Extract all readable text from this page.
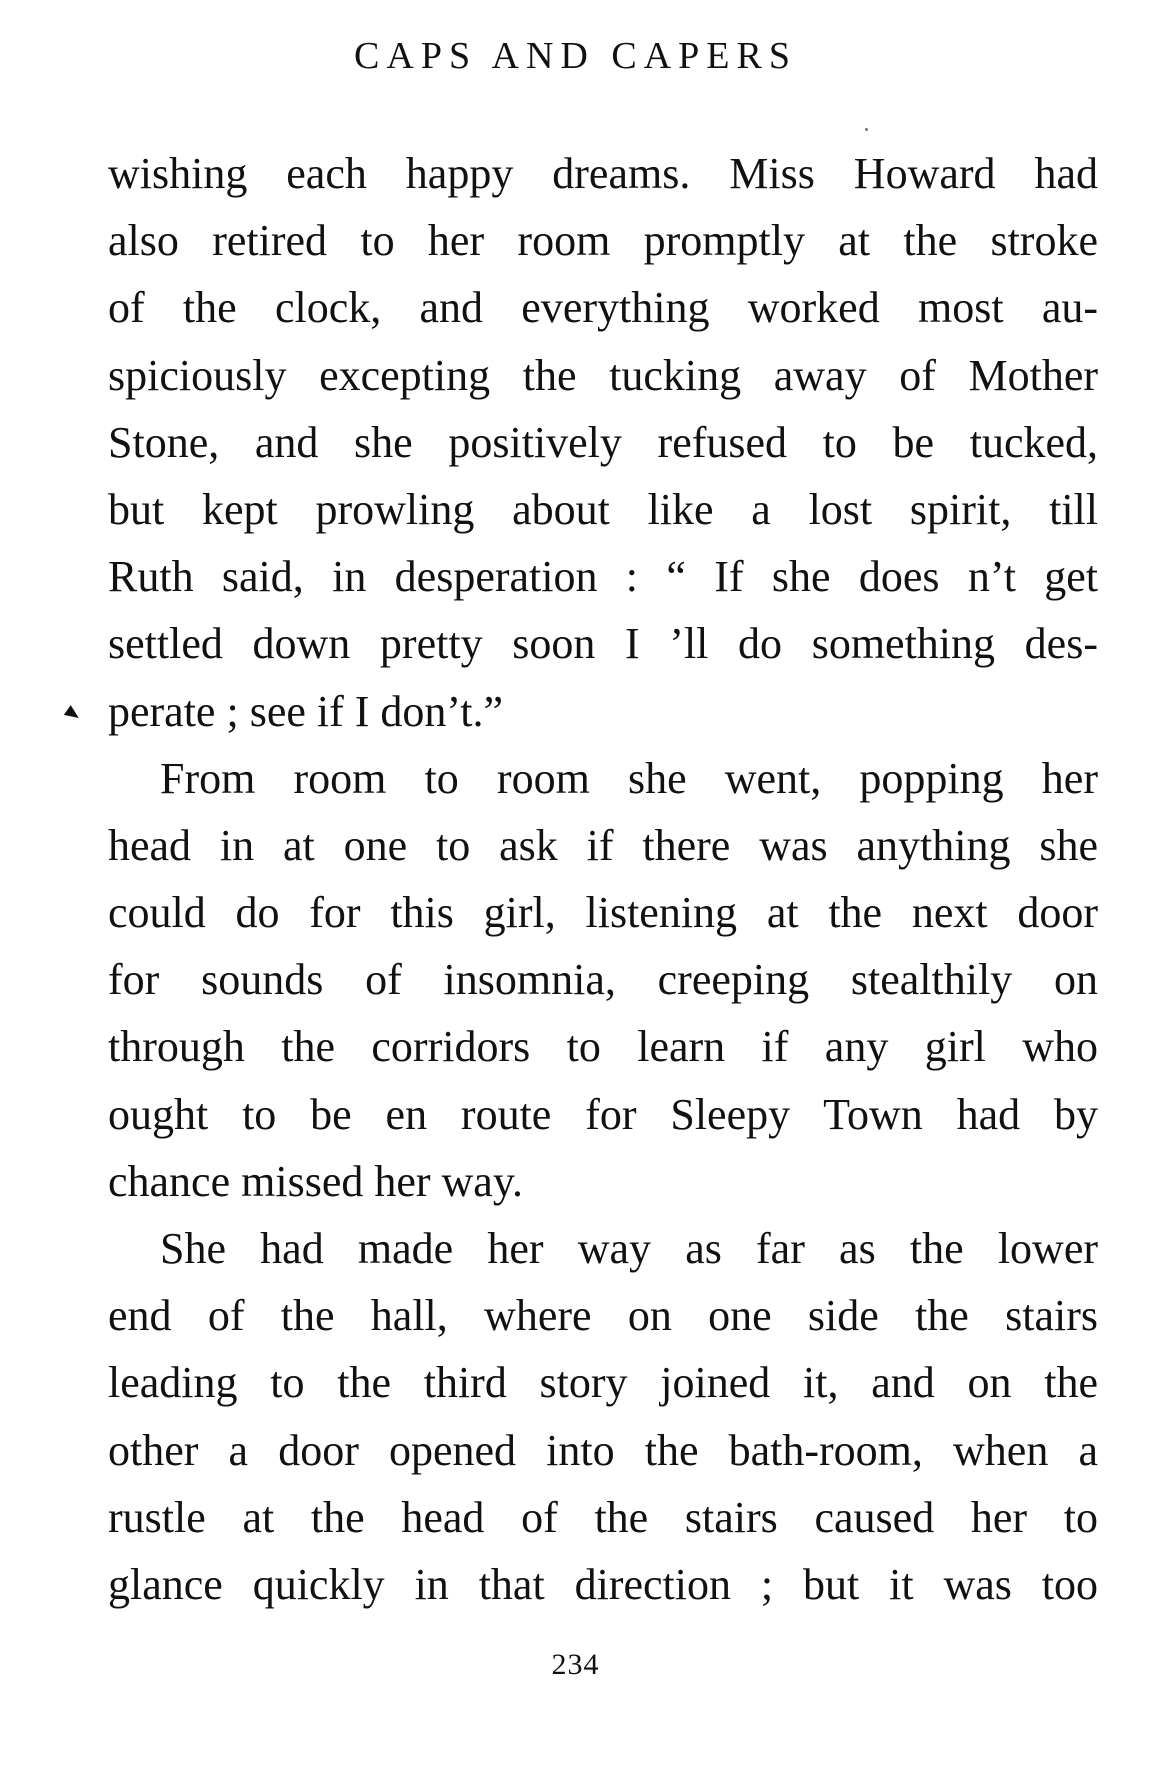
CAPS AND CAPERS
wishing each happy dreams. Miss Howard had
also retired to her room promptly at the stroke
of the clock, and everything worked most au-
spiciously excepting the tucking away of Mother
Stone, and she positively refused to be tucked,
but kept prowling about like a lost spirit, till
Ruth said, in desperation : “ If she does n’t get
settled down pretty soon I ’ll do something des-
perate ; see if I don’t.”
From room to room she went, popping her
head in at one to ask if there was anything she
could do for this girl, listening at the next door
for sounds of insomnia, creeping stealthily on
through the corridors to learn if any girl who
ought to be en route for Sleepy Town had by
chance missed her way.
She had made her way as far as the lower
end of the hall, where on one side the stairs
leading to the third story joined it, and on the
other a door opened into the bath-room, when a
rustle at the head of the stairs caused her to
glance quickly in that direction ; but it was too
234
